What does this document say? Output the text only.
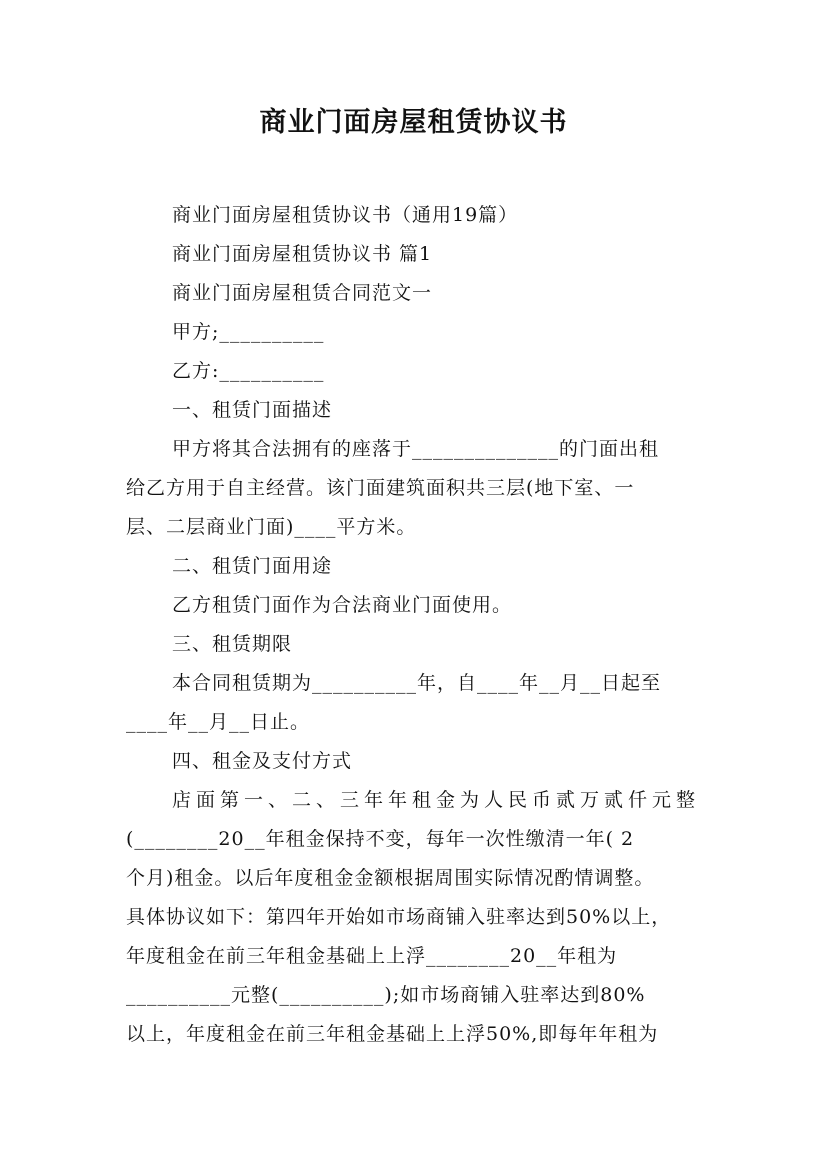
商业门面房屋租赁协议书
商业门面房屋租赁协议书（通用19篇）
商业门面房屋租赁协议书 篇1
商业门面房屋租赁合同范文一
甲方;__________
乙方:__________
一、租赁门面描述
甲方将其合法拥有的座落于______________的门面出租
给乙方用于自主经营。该门面建筑面积共三层(地下室、一
层、二层商业门面)____平方米。
二、租赁门面用途
乙方租赁门面作为合法商业门面使用。
三、租赁期限
本合同租赁期为__________年，自____年__月__日起至
____年__月__日止。
四、租金及支付方式
店面第一、二、三年年租金为人民币贰万贰仟元整
(________20__年租金保持不变，每年一次性缴清一年( 2
个月)租金。以后年度租金金额根据周围实际情况酌情调整。
具体协议如下：第四年开始如市场商铺入驻率达到50%以上，
年度租金在前三年租金基础上上浮________20__年租为
__________元整(__________);如市场商铺入驻率达到80%
以上，年度租金在前三年租金基础上上浮50%,即每年年租为
